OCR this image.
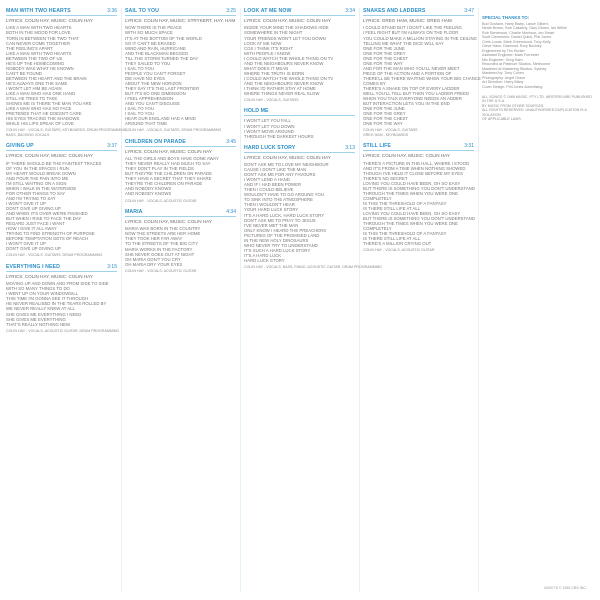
MAN WITH TWO HEARTS	3:36
LYRICS: COLIN HAY, MUSIC: COLIN HAY
LIKE A MAN WITH TWO HEARTS
BOTH IN THE MOOD FOR LOVE
TORN IN BETWEEN THE TWO THAT
CAN NEVER COME TOGETHER
THE FEELING'S APART
LIKE A MAN WITH TWO HEARTS
BETWEEN THE TWO OF US
HE'S UP THE HOMECOMING
NOBODY WAS WHAT HE KNOWN
CAN'T BE FOUND
BETWEEN THE HEART AND THE BRAIN
HE'S ALWAYS ONE THE SAME
I WON'T LET HIM BE AGAIN
LIKE A MAN WHO HAS ONE HAND
STILL HE TRIES TO TAKE
SHOWS ME IS THERE THE MAN YOU ARE
LIKE A MAN WHO HAS NO FACE
PRETENDS THAT HE DOESN'T CARE
HIS EYES TRACING THE SHADOWS
WHILE HIS LIPS SPEAK OF LOVE
COLIN HAY - VOCALS, GUITARS, KEYBOARDS, DRUM PROGRAMMING,
BASS, BACKING VOCALS
GIVING UP	3:37
LYRICS: COLIN HAY, MUSIC: COLIN HAY
IF THERE SHOULD BE THE FAINTEST TRACES
OF YOU IN THE SPACES I RUN
MY HEART WOULD BREAK DOWN
AND POUR THE PAIN INTO ME
I'M STILL WAITING ON A SIGN
WHEN I WALK IN THE WATERSIDE
FOR OTHER THINGS TO SAY
AND I'M TRYING TO SAY
I WON'T GIVE IT UP
DON'T GIVE UP GIVING UP
AND WHEN IT'S OVER WE'RE FINISHED
BUT WHEN I RISE TO FACE THE DAY
REGARD JUST FACE I WANT
HOW I GIVE IT ALL AWAY
TRYING TO FIND STRENGTH OF PURPOSE
BEFORE TEMPTATION GETS OF REACH
I WON'T GIVE IT UP
DON'T GIVE UP GIVING UP
COLIN HAY - VOCALS, GUITARS, DRUM PROGRAMMING
EVERYTHING I NEED	3:15
LYRICS: COLIN HAY, MUSIC: COLIN HAY
MOVING UP AND DOWN AND FROM SIDE TO SIDE
WITH SO MANY THINGS TO DO
I WENT UP ON YOUR WINDOWSILL
THIS TIME I'M GONNA SEE IT THROUGH
HE NEVER REALISED IN THE TEARS ROLLED BY
WE NEVER REALLY KNEW AT ALL
SHE GIVES ME EVERYTHING I NEED
SHE GIVES ME EVERYTHING
THAT'S REALLY NOTHING NEW
COLIN HAY - VOCALS, ACOUSTIC GUITAR, DRUM PROGRAMMING
SAIL TO YOU	3:25
LYRICS: COLIN HAY, MUSIC: STRYKERT, HAY, HAM
NOW THERE IS THE PEACE
WITH SO MUCH SPACE
IT'S AT THE BOTTOM OF THE WORLD
SO IT CAN'T BE ERASED
WIND AND RAIN, HURRICANE
AND THE BLACKMAN BEGGED
TILL THE STORM TURNED THE DAY
THEY SAILED TO YOU
I SAIL TO YOU
PEOPLE YOU CAN'T FORGET
DIE HAVE NO EYES
ABOUT THE NEW HORIZON
THEY SAY IT'S THE LAST FRONTIER
BUT IT'S SO ONE DIMENSION
I FEEL APPREHENSION
AND YOU CAN'T DISGUISE
I SAIL TO YOU
I SAIL TO YOU
HEAR OUR ENGLAND HAD A MIND
AROUND THAT TIME
COLIN HAY - VOCALS, GUITARS, DRUM PROGRAMMING
CHILDREN ON PARADE	3:45
LYRICS: COLIN HAY, MUSIC: COLIN HAY
ALL THE GIRLS AND BOYS HAVE GONE AWAY
THEY NEVER REALLY HAD MUCH TO SAY
THEY DON'T PLAY IN THE FIELDS
BUT THEY'RE THE CHILDREN ON PARADE
THEY HAVE A SECRET THAT THEY SHARE
THEY'RE THE CHILDREN ON PARADE
AND NOBODY KNOWS
AND NOBODY KNOWS
COLIN HAY - VOCALS, ACOUSTIC GUITAR
MARIA	4:34
LYRICS: COLIN HAY, MUSIC: COLIN HAY
MARIA WAS BORN IN THE COUNTRY
NOW THE STREETS ARE HER HOME
THEY TOOK HER FAR AWAY
TO THE STREETS OF THE BIG CITY
MARIA WORKS IN THE FACTORY
SHE NEVER GOES OUT AT NIGHT
OH MARIA DON'T YOU CRY
OH MARIA DRY YOUR EYES
COLIN HAY - VOCALS, ACOUSTIC GUITAR
LOOK AT ME NOW	3:34
LYRICS: COLIN HAY, MUSIC: COLIN HAY
INSIDE YOUR MIND THE SHADOWS HIDE
SOMEWHERE IN THE NIGHT
YOUR FRIENDS WON'T LET YOU DOWN
LOOK AT ME NOW
COS I THINK IT'S RIGHT
WITH PEOPLE I KNOW
I COULD WATCH THE WHOLE THING ON TV
AND THE NEIGHBOURS NEVER KNOW
WHAT DOES IT MEAN
WHERE THE TRUTH IS BORN
I COULD WATCH THE WHOLE THING ON TV
AND THE NEIGHBOURS NEVER KNOW
I THINK I'D RATHER STAY AT HOME
WHERE THINGS NEVER REAL SLOW
COLIN HAY - VOCALS, GUITARS
HOLD ME
I WON'T LET YOU FALL
I WON'T LET YOU DOWN
I WON'T MOVE AROUND
THROUGH THE DARKEST HOURS
HARD LUCK STORY	3:13
LYRICS: COLIN HAY, MUSIC: COLIN HAY
DON'T ASK ME TO LOVE MY NEIGHBOUR
CAUSE I DON'T LIKE THE MAN
DON'T ASK ME FOR ANY FAVOURS
I WON'T LEND A HAND
AND IF I HAD BEEN POWER
THEN I COULD BELIEVE
WOULDN'T HAVE TO GO AROUND YOU
TO SINK INTO THE ATMOSPHERE
THEN I WOULDN'T HEAR
YOUR HARD LUCK STORY
IT'S A HARD LUCK, HARD LUCK STORY
DON'T ASK ME TO PRAY TO JESUS
I'VE NEVER MET THE MAN
ONLY KNOW I HEARD THE PREACHERS
PICTURES OF THE PROMISED LAND
IN THE NEW HOLY DINOSAURS
WHO NEVER TRY TO UNDERSTAND
IT'S SUCH A HARD LUCK STORY
IT'S A HARD LUCK
HARD LUCK STORY
COLIN HAY - VOCALS, BASS, PIANO, ACOUSTIC GUITAR, DRUM PROGRAMMING
SNAKES AND LADDERS	3:47
LYRICS: GREG HAM, MUSIC: GREG HAM
I COULD STAND BUT I DON'T LIKE THE FEELING
I FEEL RIGHT BUT I'M ALWAYS ON THE FLOOR
YOU COULD MAKE A MILLION STAYING IN THE CEILING
TELLING ME WHAT THE DICE WILL SAY
ONE FOR THE JUNE
ONE FOR THE GREY
ONE FOR THE CHEST
ONE FOR THE WAY
AND FOR THE MAN WHO YOU'LL NEVER MEET
PIECE OF THE ACTION AND A PORTION OF
THERE'LL BE THERE WAITING WHEN YOUR BIG CHANCE
COMES BY
THERE'S A SNAKE ON TOP OF EVERY LADDER
WELL YOU'LL TELL BUT THEN YOU LADDER FREED
WHEN YOU TALK EVERYONE NEEDS AN ADDER
BUT INTERACTION LETS YOU IN THE END
ONE FOR THE JUNE
ONE FOR THE GREY
ONE FOR THE CHEST
ONE FOR THE WAY
COLIN HAY - VOCALS, GUITARS
GREG HAM - KEYBOARDS
STILL LIFE	3:31
LYRICS: COLIN HAY, MUSIC: COLIN HAY
THERE'S A PICTURE IN THE HALL, WHERE I STOOD
AND IT'S FROM A TIME WHEN NOTHING SHOWED
THOUGH I'VE HELD IT CLOSE BEFORE MY EYES
THERE'S NO SECRET
LOVING YOU COULD HAVE BEEN, OH SO EASY
BUT THERE IS SOMETHING YOU DON'T UNDERSTAND
THROUGH THE TIMES WHEN YOU WERE ONE
COMPLETELY
IS THIS THE THRESHOLD OF A FANTASY
IS THERE STILL LIFE AT ALL
LOVING YOU COULD HAVE BEEN, OH SO EASY
BUT THERE IS SOMETHING YOU DON'T UNDERSTAND
THROUGH THE TIMES WHEN YOU WERE ONE
COMPLETELY
IS THIS THE THRESHOLD OF A FANTASY
IS THERE STILL LIFE AT ALL
THERE'S A MILLION CRYING OUT
COLIN HAY - VOCALS, ACOUSTIC GUITAR
SPECIAL THANKS TO:
Bud Graham, Harry Bisby, Lance Gilbert,
Neale Brown, Rob Casserly, Gary Dinam, Ian Wilkie
Rob Stevenson, Charlie Morrison, Ian Smart
Scott Clemmens, Daniel Quick, Phil Jones
Chris Lucas, Mark Greenwood, Tony Kelly
Cleve Hans, Diamond, Rory Buckley
Engineered by Tim Hunter
Assistant Engineer: Mark Forrester
Mix Engineer: Greg Ham
Recorded at Platinum Studios, Melbourne
Mastered at Mastering Studios, Sydney
Mastered by: Tony Cohen
Photography: Angel Grace
Art Direction: Harry Bisby
Cover Design: Phil Jones Advertising
ALL SONGS © 1985 MUSIC, PTY LTD. WRITERS ARE PUBLISHED IN THE U.S.A.
BY MUSIC FROM OTHER SOURCES.
ALL RIGHTS RESERVED. UNAUTHORISED DUPLICATION IS A VIOLATION
OF APPLICABLE LAWS.
4009776 © 1985 CBS INC.
